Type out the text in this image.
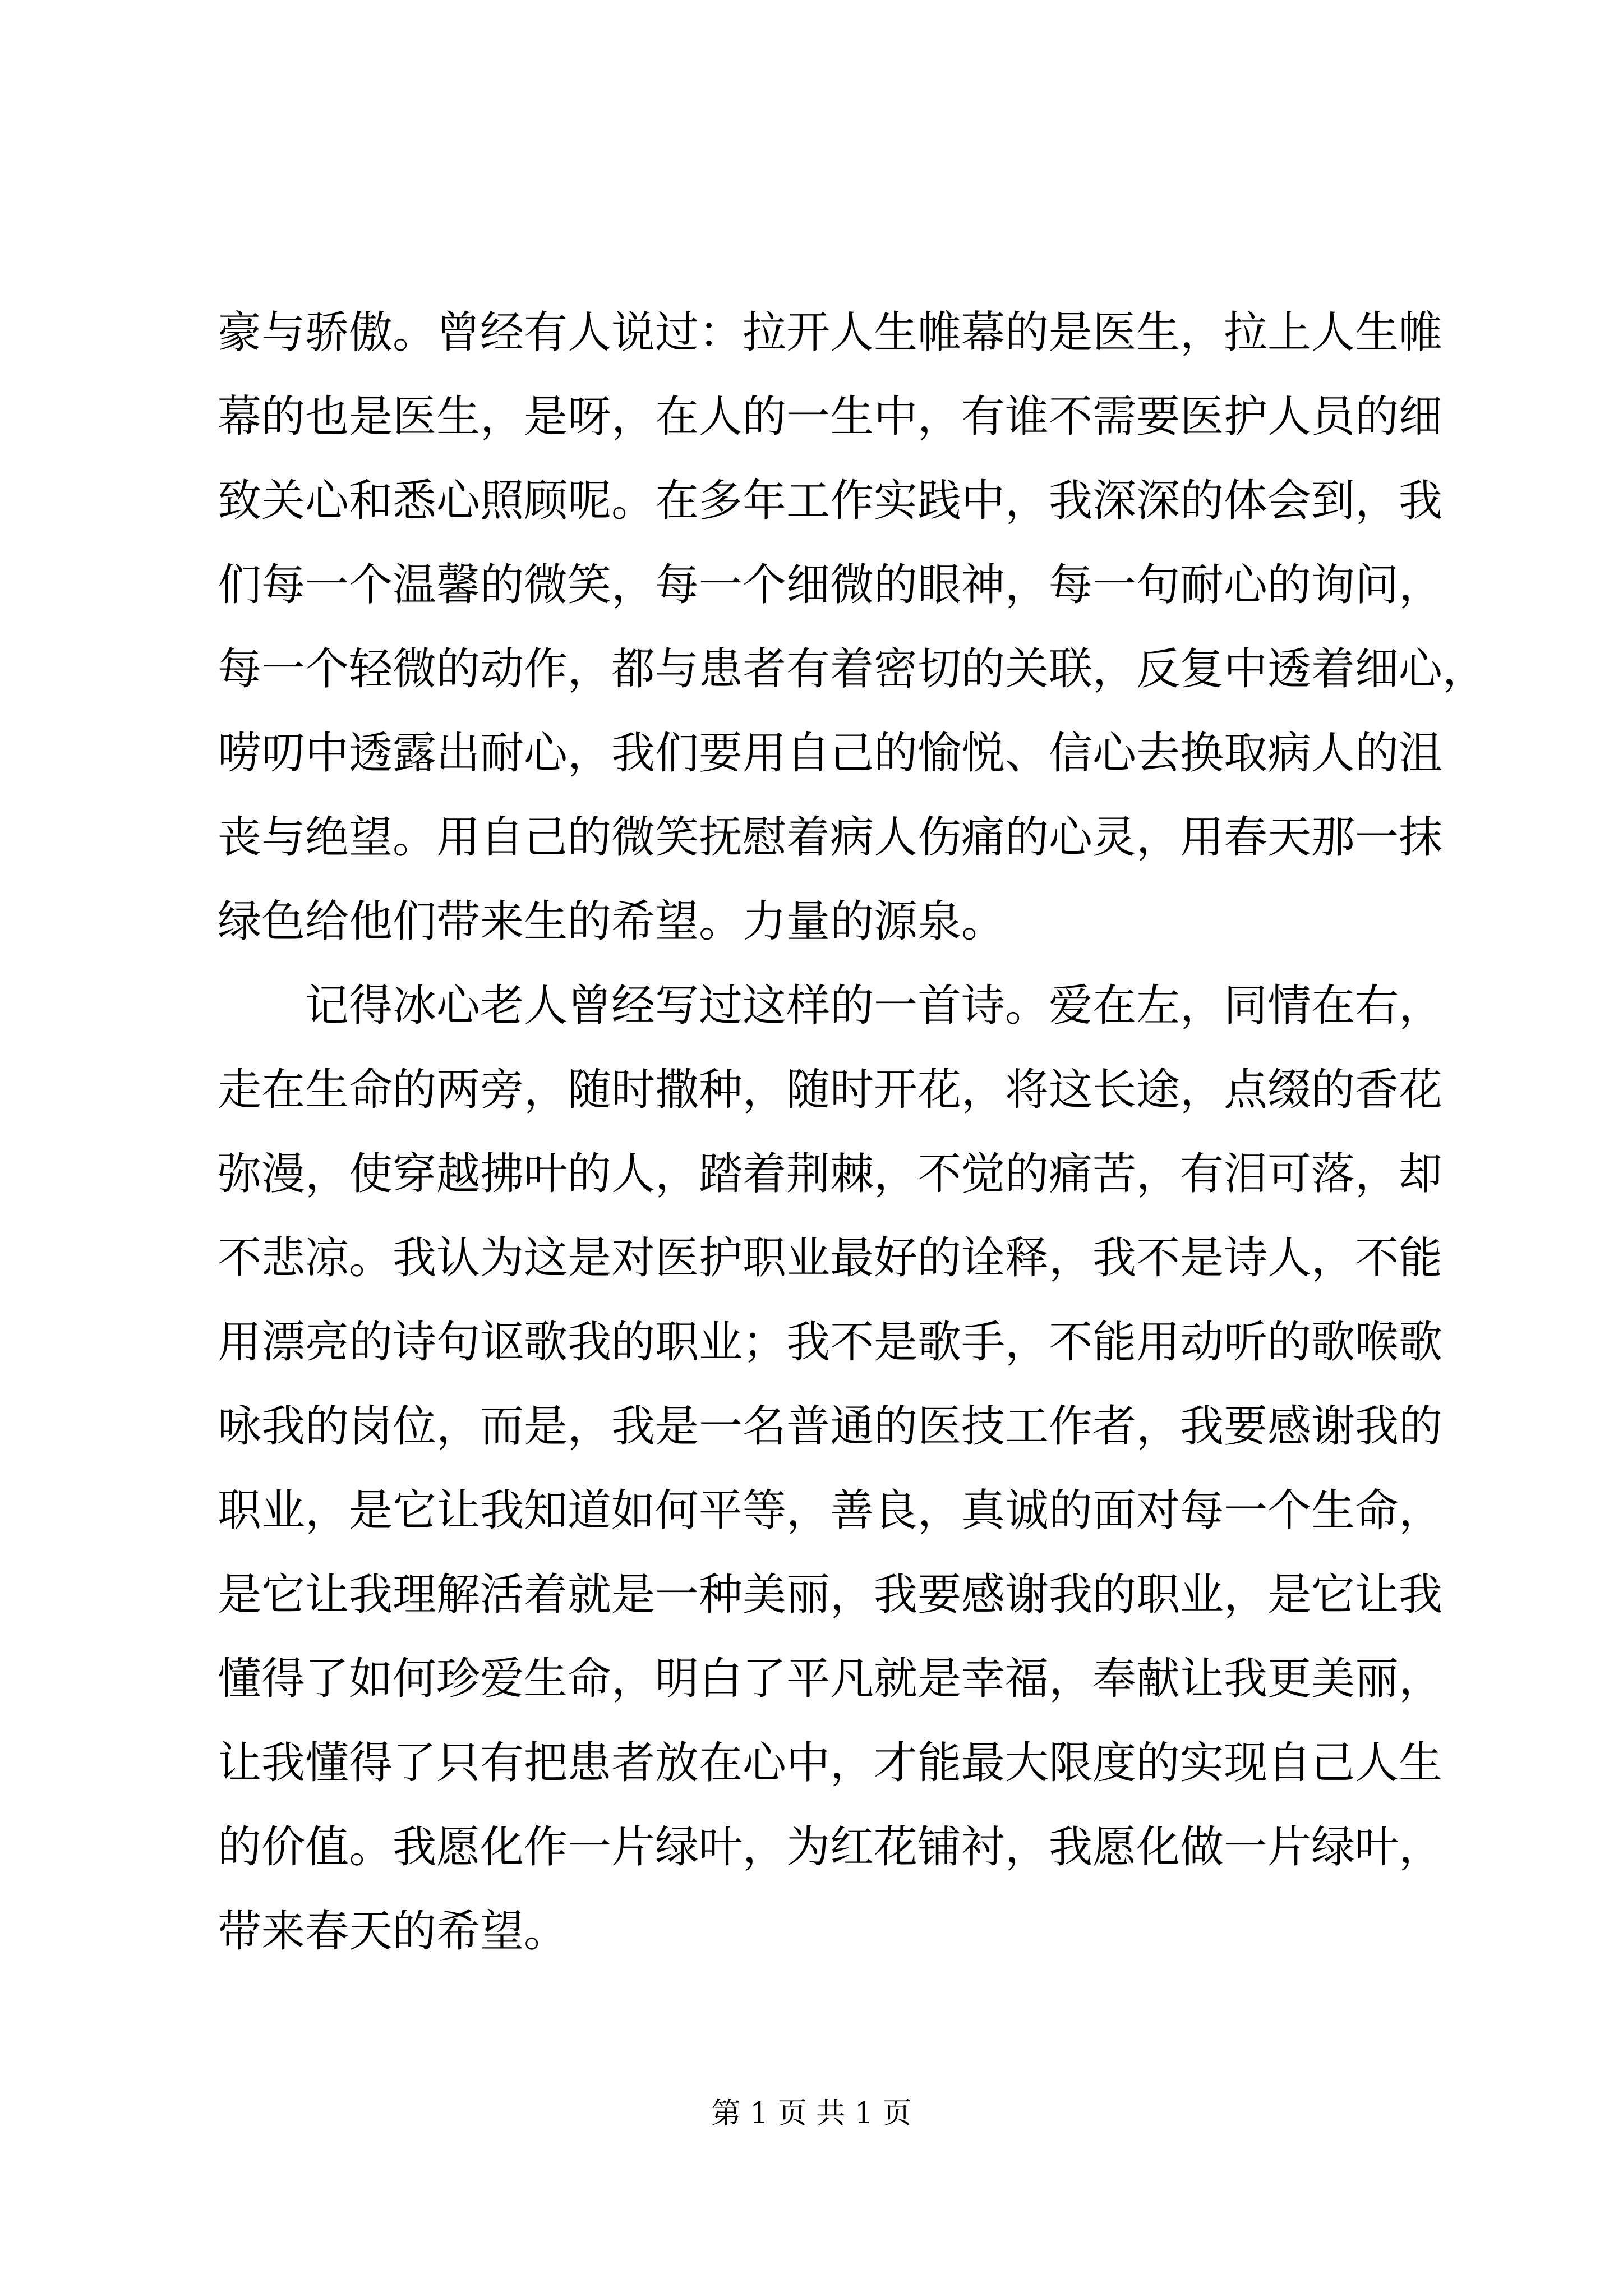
豪与骄傲。曾经有人说过：拉开人生帷幕的是医生，拉上人生帷
幕的也是医生，是呀，在人的一生中，有谁不需要医护人员的细
致关心和悉心照顾呢。在多年工作实践中，我深深的体会到，我
们每一个温馨的微笑，每一个细微的眼神，每一句耐心的询问，
每一个轻微的动作，都与患者有着密切的关联，反复中透着细心，
唠叨中透露出耐心，我们要用自己的愉悦、信心去换取病人的沮
丧与绝望。用自己的微笑抚慰着病人伤痛的心灵，用春天那一抹
绿色给他们带来生的希望。力量的源泉。
　　记得冰心老人曾经写过这样的一首诗。爱在左，同情在右，
走在生命的两旁，随时撒种，随时开花，将这长途，点缀的香花
弥漫，使穿越拂叶的人，踏着荆棘，不觉的痛苦，有泪可落，却
不悲凉。我认为这是对医护职业最好的诠释，我不是诗人，不能
用漂亮的诗句讴歌我的职业；我不是歌手，不能用动听的歌喉歌
咏我的岗位，而是，我是一名普通的医技工作者，我要感谢我的
职业，是它让我知道如何平等，善良，真诚的面对每一个生命，
是它让我理解活着就是一种美丽，我要感谢我的职业，是它让我
懂得了如何珍爱生命，明白了平凡就是幸福，奉献让我更美丽，
让我懂得了只有把患者放在心中，才能最大限度的实现自己人生
的价值。我愿化作一片绿叶，为红花铺衬，我愿化做一片绿叶，
带来春天的希望。
第 1 页 共 1 页
